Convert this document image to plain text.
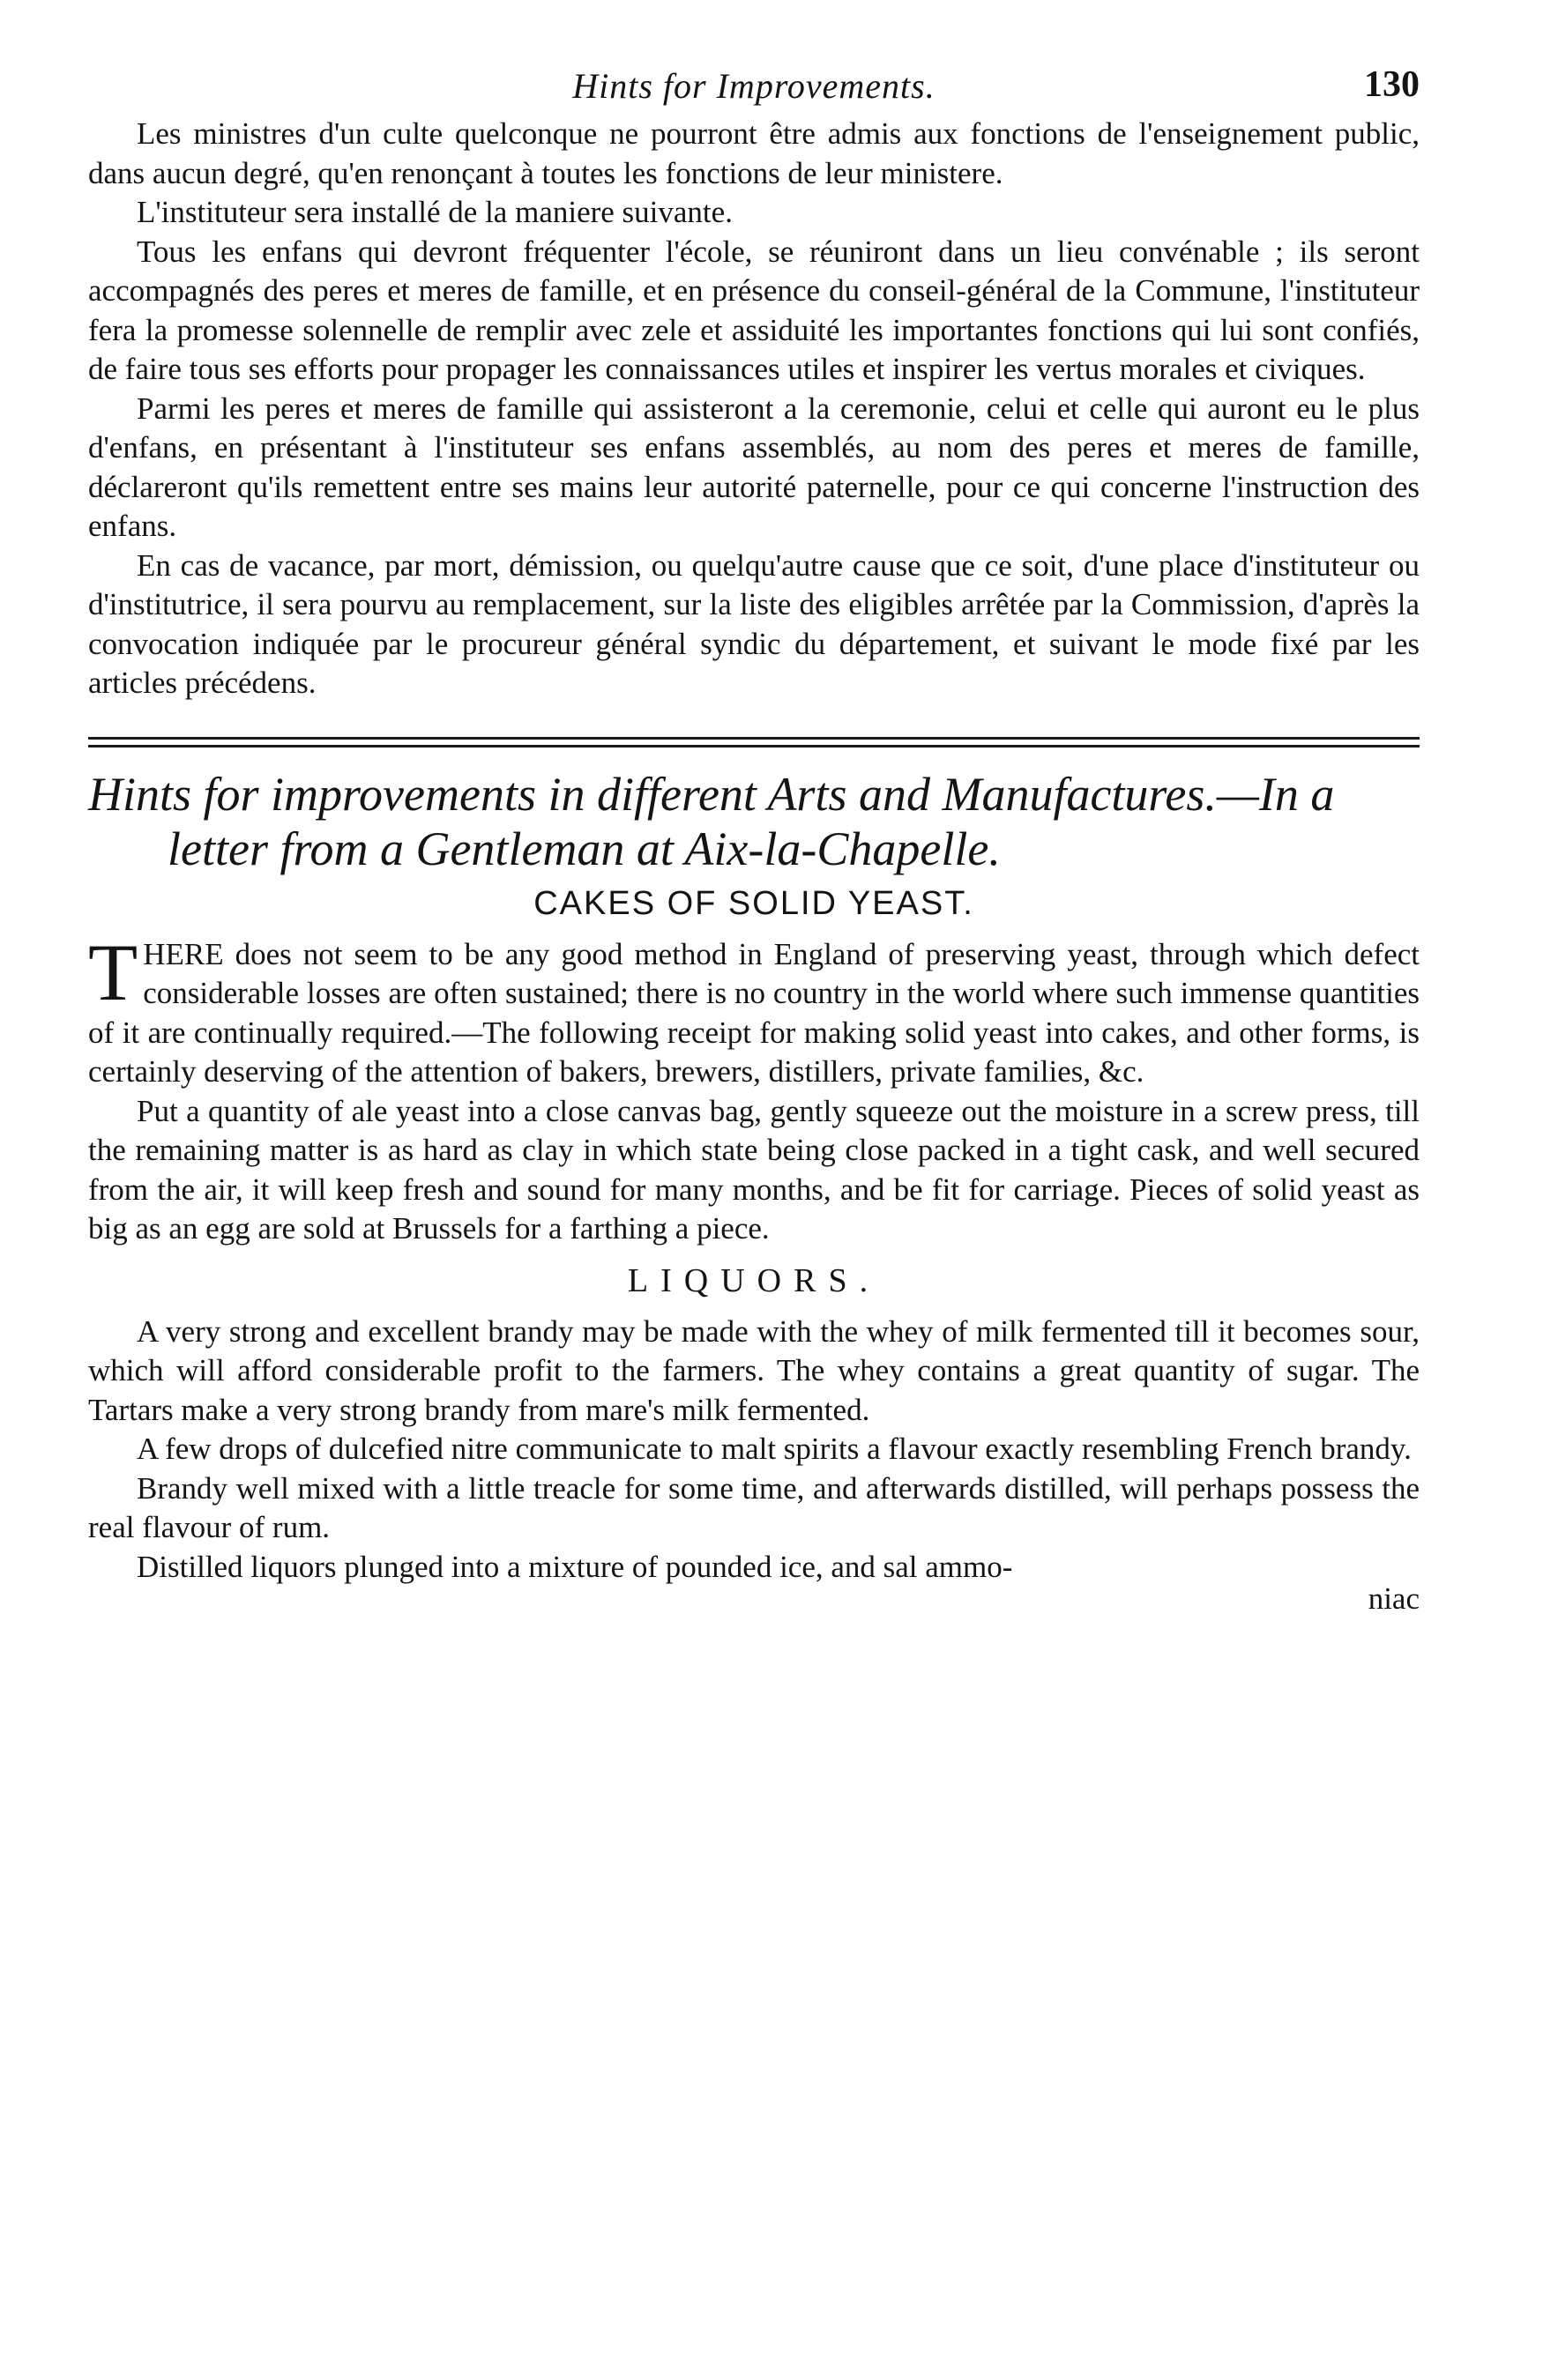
Hints for Improvements.	130

Les ministres d'un culte quelconque ne pourront être admis aux fonctions de l'enseignement public, dans aucun degré, qu'en renonçant à toutes les fonctions de leur ministere.

L'instituteur sera installé de la maniere suivante.

Tous les enfans qui devront fréquenter l'école, se réuniront dans un lieu convénable ; ils seront accompagnés des peres et meres de famille, et en présence du conseil-général de la Commune, l'instituteur fera la promesse solennelle de remplir avec zele et assiduité les importantes fonctions qui lui sont confiés, de faire tous ses efforts pour propager les connaissances utiles et inspirer les vertus morales et civiques.

Parmi les peres et meres de famille qui assisteront a la ceremonie, celui et celle qui auront eu le plus d'enfans, en présentant à l'instituteur ses enfans assemblés, au nom des peres et meres de famille, déclareront qu'ils remettent entre ses mains leur autorité paternelle, pour ce qui concerne l'instruction des enfans.

En cas de vacance, par mort, démission, ou quelqu'autre cause que ce soit, d'une place d'instituteur ou d'institutrice, il sera pourvu au remplacement, sur la liste des eligibles arrêtée par la Commission, d'après la convocation indiquée par le procureur général syndic du département, et suivant le mode fixé par les articles précédens.

Hints for improvements in different Arts and Manufactures.—In a letter from a Gentleman at Aix-la-Chapelle.
CAKES OF SOLID YEAST.
T HERE does not seem to be any good method in England of preserving yeast, through which defect considerable losses are often sustained; there is no country in the world where such immense quantities of it are continually required.—The following receipt for making solid yeast into cakes, and other forms, is certainly deserving of the attention of bakers, brewers, distillers, private families, &c.

Put a quantity of ale yeast into a close canvas bag, gently squeeze out the moisture in a screw press, till the remaining matter is as hard as clay in which state being close packed in a tight cask, and well secured from the air, it will keep fresh and sound for many months, and be fit for carriage. Pieces of solid yeast as big as an egg are sold at Brussels for a farthing a piece.

LIQUORS.

A very strong and excellent brandy may be made with the whey of milk fermented till it becomes sour, which will afford considerable profit to the farmers. The whey contains a great quantity of sugar. The Tartars make a very strong brandy from mare's milk fermented.

A few drops of dulcefied nitre communicate to malt spirits a flavour exactly resembling French brandy.

Brandy well mixed with a little treacle for some time, and afterwards distilled, will perhaps possess the real flavour of rum.

Distilled liquors plunged into a mixture of pounded ice, and sal ammo-

niac
